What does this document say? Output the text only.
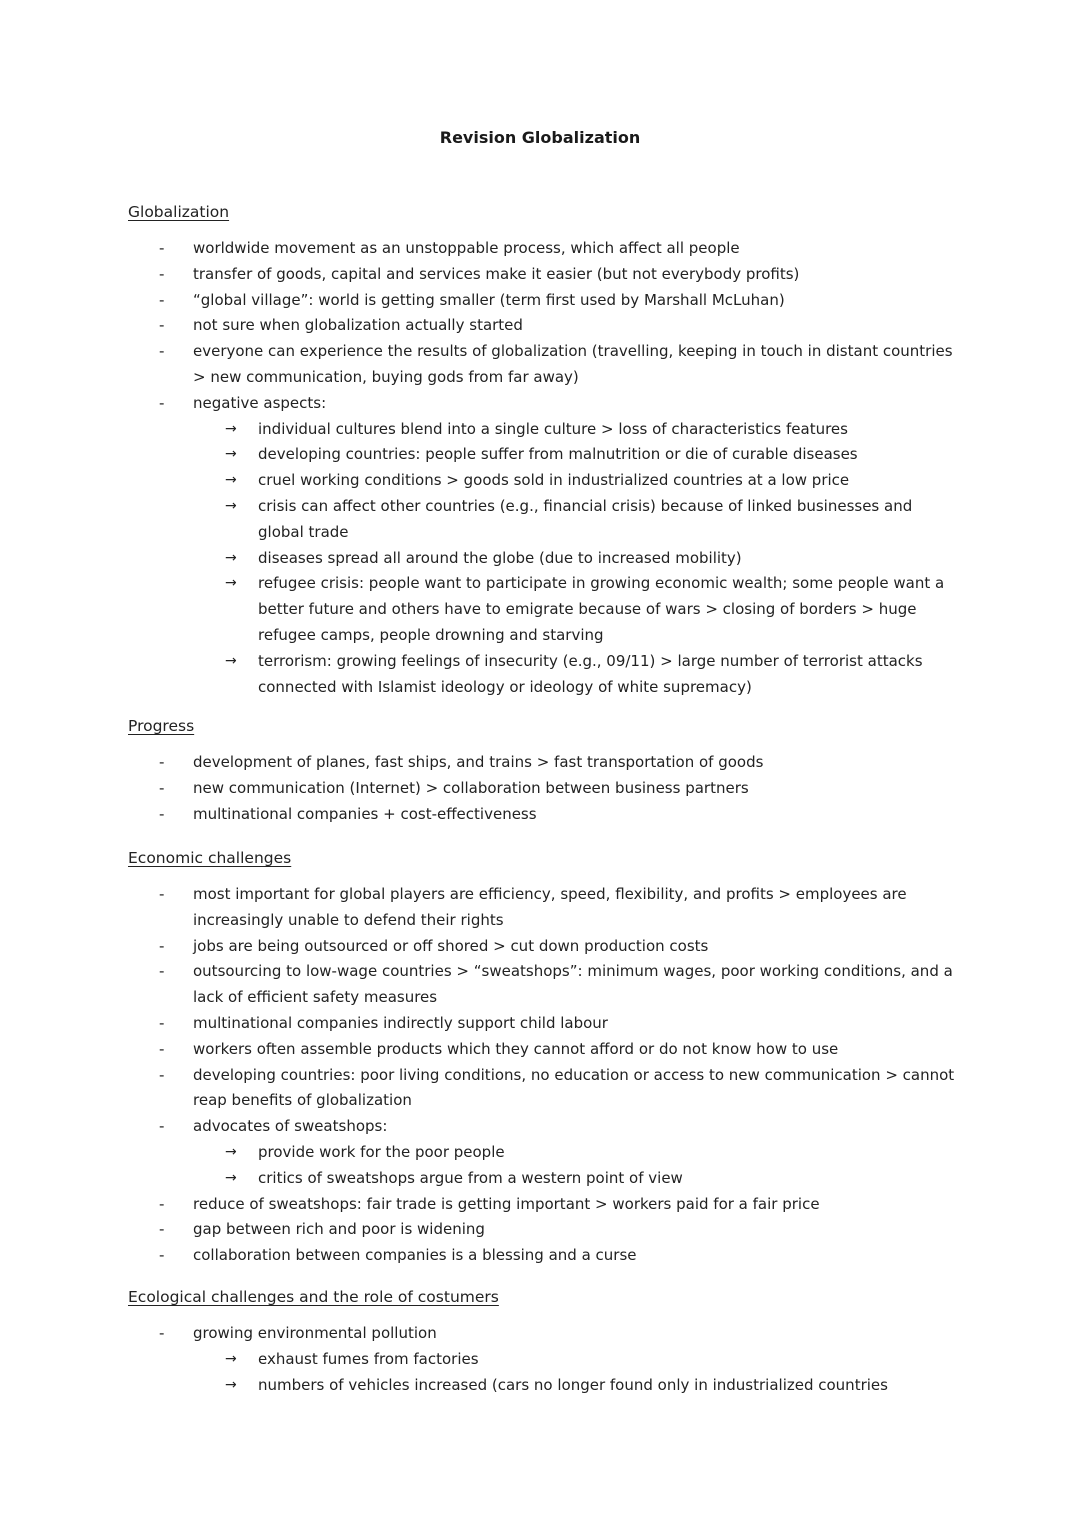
Revision Globalization
Globalization
- worldwide movement as an unstoppable process, which affect all people
- transfer of goods, capital and services make it easier (but not everybody profits)
- “global village”: world is getting smaller (term first used by Marshall McLuhan)
- not sure when globalization actually started
- everyone can experience the results of globalization (travelling, keeping in touch in distant countries > new communication, buying gods from far away)
- negative aspects:
→ individual cultures blend into a single culture > loss of characteristics features
→ developing countries: people suffer from malnutrition or die of curable diseases
→ cruel working conditions > goods sold in industrialized countries at a low price
→ crisis can affect other countries (e.g., financial crisis) because of linked businesses and global trade
→ diseases spread all around the globe (due to increased mobility)
→ refugee crisis: people want to participate in growing economic wealth; some people want a better future and others have to emigrate because of wars > closing of borders > huge refugee camps, people drowning and starving
→ terrorism: growing feelings of insecurity (e.g., 09/11) > large number of terrorist attacks connected with Islamist ideology or ideology of white supremacy)
Progress
- development of planes, fast ships, and trains > fast transportation of goods
- new communication (Internet) > collaboration between business partners
- multinational companies + cost-effectiveness
Economic challenges
- most important for global players are efficiency, speed, flexibility, and profits > employees are increasingly unable to defend their rights
- jobs are being outsourced or off shored > cut down production costs
- outsourcing to low-wage countries > “sweatshops”: minimum wages, poor working conditions, and a lack of efficient safety measures
- multinational companies indirectly support child labour
- workers often assemble products which they cannot afford or do not know how to use
- developing countries: poor living conditions, no education or access to new communication > cannot reap benefits of globalization
- advocates of sweatshops:
→ provide work for the poor people
→ critics of sweatshops argue from a western point of view
- reduce of sweatshops: fair trade is getting important > workers paid for a fair price
- gap between rich and poor is widening
- collaboration between companies is a blessing and a curse
Ecological challenges and the role of costumers
- growing environmental pollution
→ exhaust fumes from factories
→ numbers of vehicles increased (cars no longer found only in industrialized countries
